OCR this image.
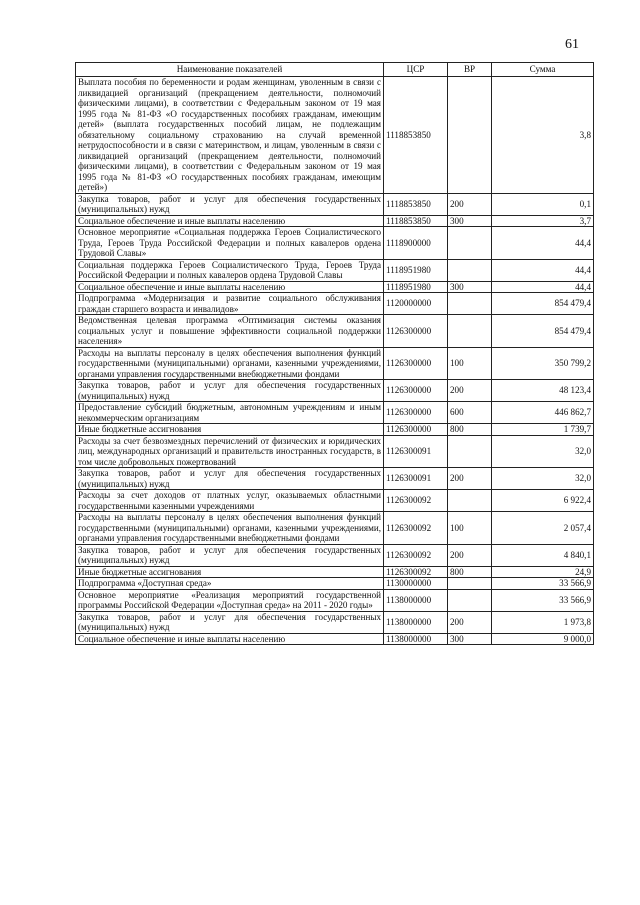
61
Наименование показателей	ЦСР	ВР	Сумма
Выплата пособия по беременности и родам женщинам, уволенным в связи с ликвидацией организаций (прекращением деятельности, полномочий физическими лицами), в соответствии с Федеральным законом от 19 мая 1995 года № 81-ФЗ «О государственных пособиях гражданам, имеющим детей» (выплата государственных пособий лицам, не подлежащим обязательному социальному страхованию на случай временной нетрудоспособности и в связи с материнством, и лицам, уволенным в связи с ликвидацией организаций (прекращением деятельности, полномочий физическими лицами), в соответствии с Федеральным законом от 19 мая 1995 года № 81-ФЗ «О государственных пособиях гражданам, имеющим детей»)	1118853850		3,8
Закупка товаров, работ и услуг для обеспечения государственных (муниципальных) нужд	1118853850	200	0,1
Социальное обеспечение и иные выплаты населению	1118853850	300	3,7
Основное мероприятие «Социальная поддержка Героев Социалистического Труда, Героев Труда Российской Федерации и полных кавалеров ордена Трудовой Славы»	1118900000		44,4
Социальная поддержка Героев Социалистического Труда, Героев Труда Российской Федерации и полных кавалеров ордена Трудовой Славы	1118951980		44,4
Социальное обеспечение и иные выплаты населению	1118951980	300	44,4
Подпрограмма «Модернизация и развитие социального обслуживания граждан старшего возраста и инвалидов»	1120000000		854 479,4
Ведомственная целевая программа «Оптимизация системы оказания социальных услуг и повышение эффективности социальной поддержки населения»	1126300000		854 479,4
Расходы на выплаты персоналу в целях обеспечения выполнения функций государственными (муниципальными) органами, казенными учреждениями, органами управления государственными внебюджетными фондами	1126300000	100	350 799,2
Закупка товаров, работ и услуг для обеспечения государственных (муниципальных) нужд	1126300000	200	48 123,4
Предоставление субсидий бюджетным, автономным учреждениям и иным некоммерческим организациям	1126300000	600	446 862,7
Иные бюджетные ассигнования	1126300000	800	1 739,7
Расходы за счет безвозмездных перечислений от физических и юридических лиц, международных организаций и правительств иностранных государств, в том числе добровольных пожертвований	1126300091		32,0
Закупка товаров, работ и услуг для обеспечения государственных (муниципальных) нужд	1126300091	200	32,0
Расходы за счет доходов от платных услуг, оказываемых областными государственными казенными учреждениями	1126300092		6 922,4
Расходы на выплаты персоналу в целях обеспечения выполнения функций государственными (муниципальными) органами, казенными учреждениями, органами управления государственными внебюджетными фондами	1126300092	100	2 057,4
Закупка товаров, работ и услуг для обеспечения государственных (муниципальных) нужд	1126300092	200	4 840,1
Иные бюджетные ассигнования	1126300092	800	24,9
Подпрограмма «Доступная среда»	1130000000		33 566,9
Основное мероприятие «Реализация мероприятий государственной программы Российской Федерации «Доступная среда» на 2011 - 2020 годы»	1138000000		33 566,9
Закупка товаров, работ и услуг для обеспечения государственных (муниципальных) нужд	1138000000	200	1 973,8
Социальное обеспечение и иные выплаты населению	1138000000	300	9 000,0
